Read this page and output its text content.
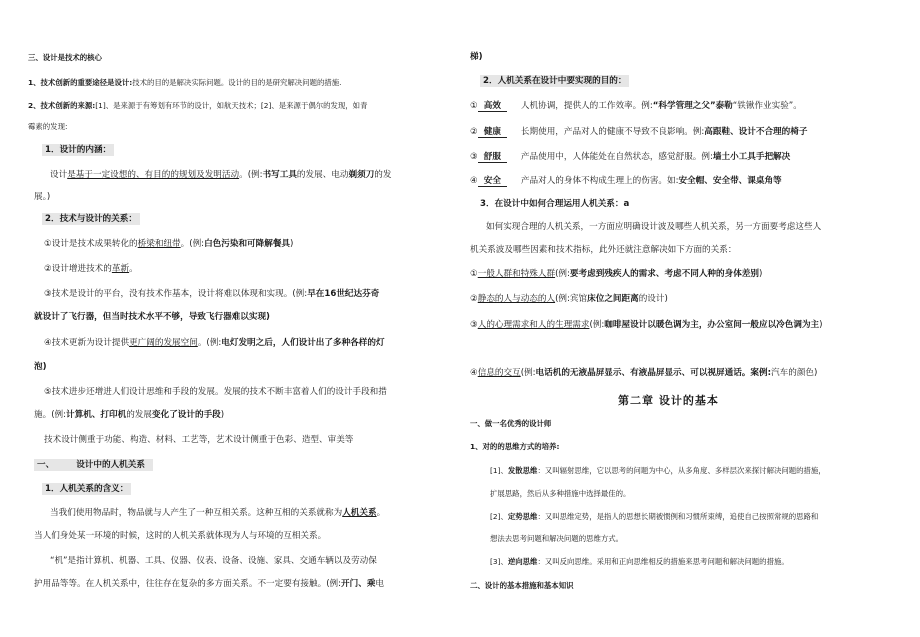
三、设计是技术的核心
1、技术创新的重要途径是设计:技术的目的是解决实际问题。设计的目的是研究解决问题的措施.
2、技术创新的来源:[1]、是来源于有筹划有环节的设计，如航天技术；[2]、是来源于偶尔的发现，如青
霉素的发现:
1．设计的内涵：
设计是基于一定设想的、有目的的规划及发明活动。(例:书写工具的发展、电动剃须刀的发
展。)
2．技术与设计的关系：
①设计是技术成果转化的桥梁和纽带。(例:白色污染和可降解餐具)
②设计增进技术的革新。
③技术是设计的平台，没有技术作基本，设计将难以体现和实现。(例:早在16世纪达芬奇
就设计了飞行器，但当时技术水平不够，导致飞行器难以实现)
④技术更新为设计提供更广阔的发展空间。(例:电灯发明之后，人们设计出了多种各样的灯
泡)
⑤技术进步还增进人们设计思维和手段的发展。发展的技术不断丰富着人们的设计手段和措
施。(例:计算机、打印机的发展变化了设计的手段)
技术设计侧重于功能、构造、材料、工艺等，艺术设计侧重于色彩、造型、审美等
一、	设计中的人机关系
1．人机关系的含义：
当我们使用物品时，物品就与人产生了一种互相关系。这种互相的关系就称为人机关系。
当人们身处某一环境的时候，这时的人机关系就体现为人与环境的互相关系。
“机”是指计算机、机器、工具、仪器、仪表、设备、设施、家具、交通车辆以及劳动保
护用品等等。在人机关系中，往往存在复杂的多方面关系。不一定要有接触。(例:开门、乘电
梯)
2．人机关系在设计中要实现的目的：
① 高效 人机协调，提供人的工作效率。例:“科学管理之父”泰勒“铁锹作业实验”。
② 健康 长期使用，产品对人的健康不导致不良影响。例:高跟鞋、设计不合理的椅子
③ 舒服 产品使用中，人体能处在自然状态，感觉舒服。例:墙土小工具手把解决
④ 安全 产品对人的身体不构成生理上的伤害。如:安全帽、安全带、课桌角等
3．在设计中如何合理运用人机关系：a
如何实现合理的人机关系，一方面应明确设计波及哪些人机关系，另一方面要考虑这些人
机关系波及哪些因素和技术指标，此外还就注意解决如下方面的关系：
①一般人群和特殊人群(例:要考虑到残疾人的需求、考虑不同人种的身体差别)
②静态的人与动态的人(例:宾馆床位之间距离的设计)
③人的心理需求和人的生理需求(例:咖啡屋设计以暖色调为主，办公室间一般应以冷色调为主)
④信息的交互(例:电话机的无液晶屏显示、有液晶屏显示、可以视屏通话。案例:汽车的颜色)
第二章 设计的基本
一、做一名优秀的设计师
1、对的的思维方式的培养:
[1]、发散思维：又叫辐射思维，它以思考的问题为中心，从多角度、多样层次来探讨解决问题的措施，
扩展思路，然后从多种措施中选择最佳的。
[2]、定势思维：又叫思维定势，是指人的思想长期被惯例和习惯所束缚，追使自己按照常规的思路和
想法去思考问题和解决问题的思维方式。
[3]、逆向思维：又叫反向思维。采用和正向思维相反的措施来思考问题和解决问题的措施。
二、设计的基本措施和基本知识
